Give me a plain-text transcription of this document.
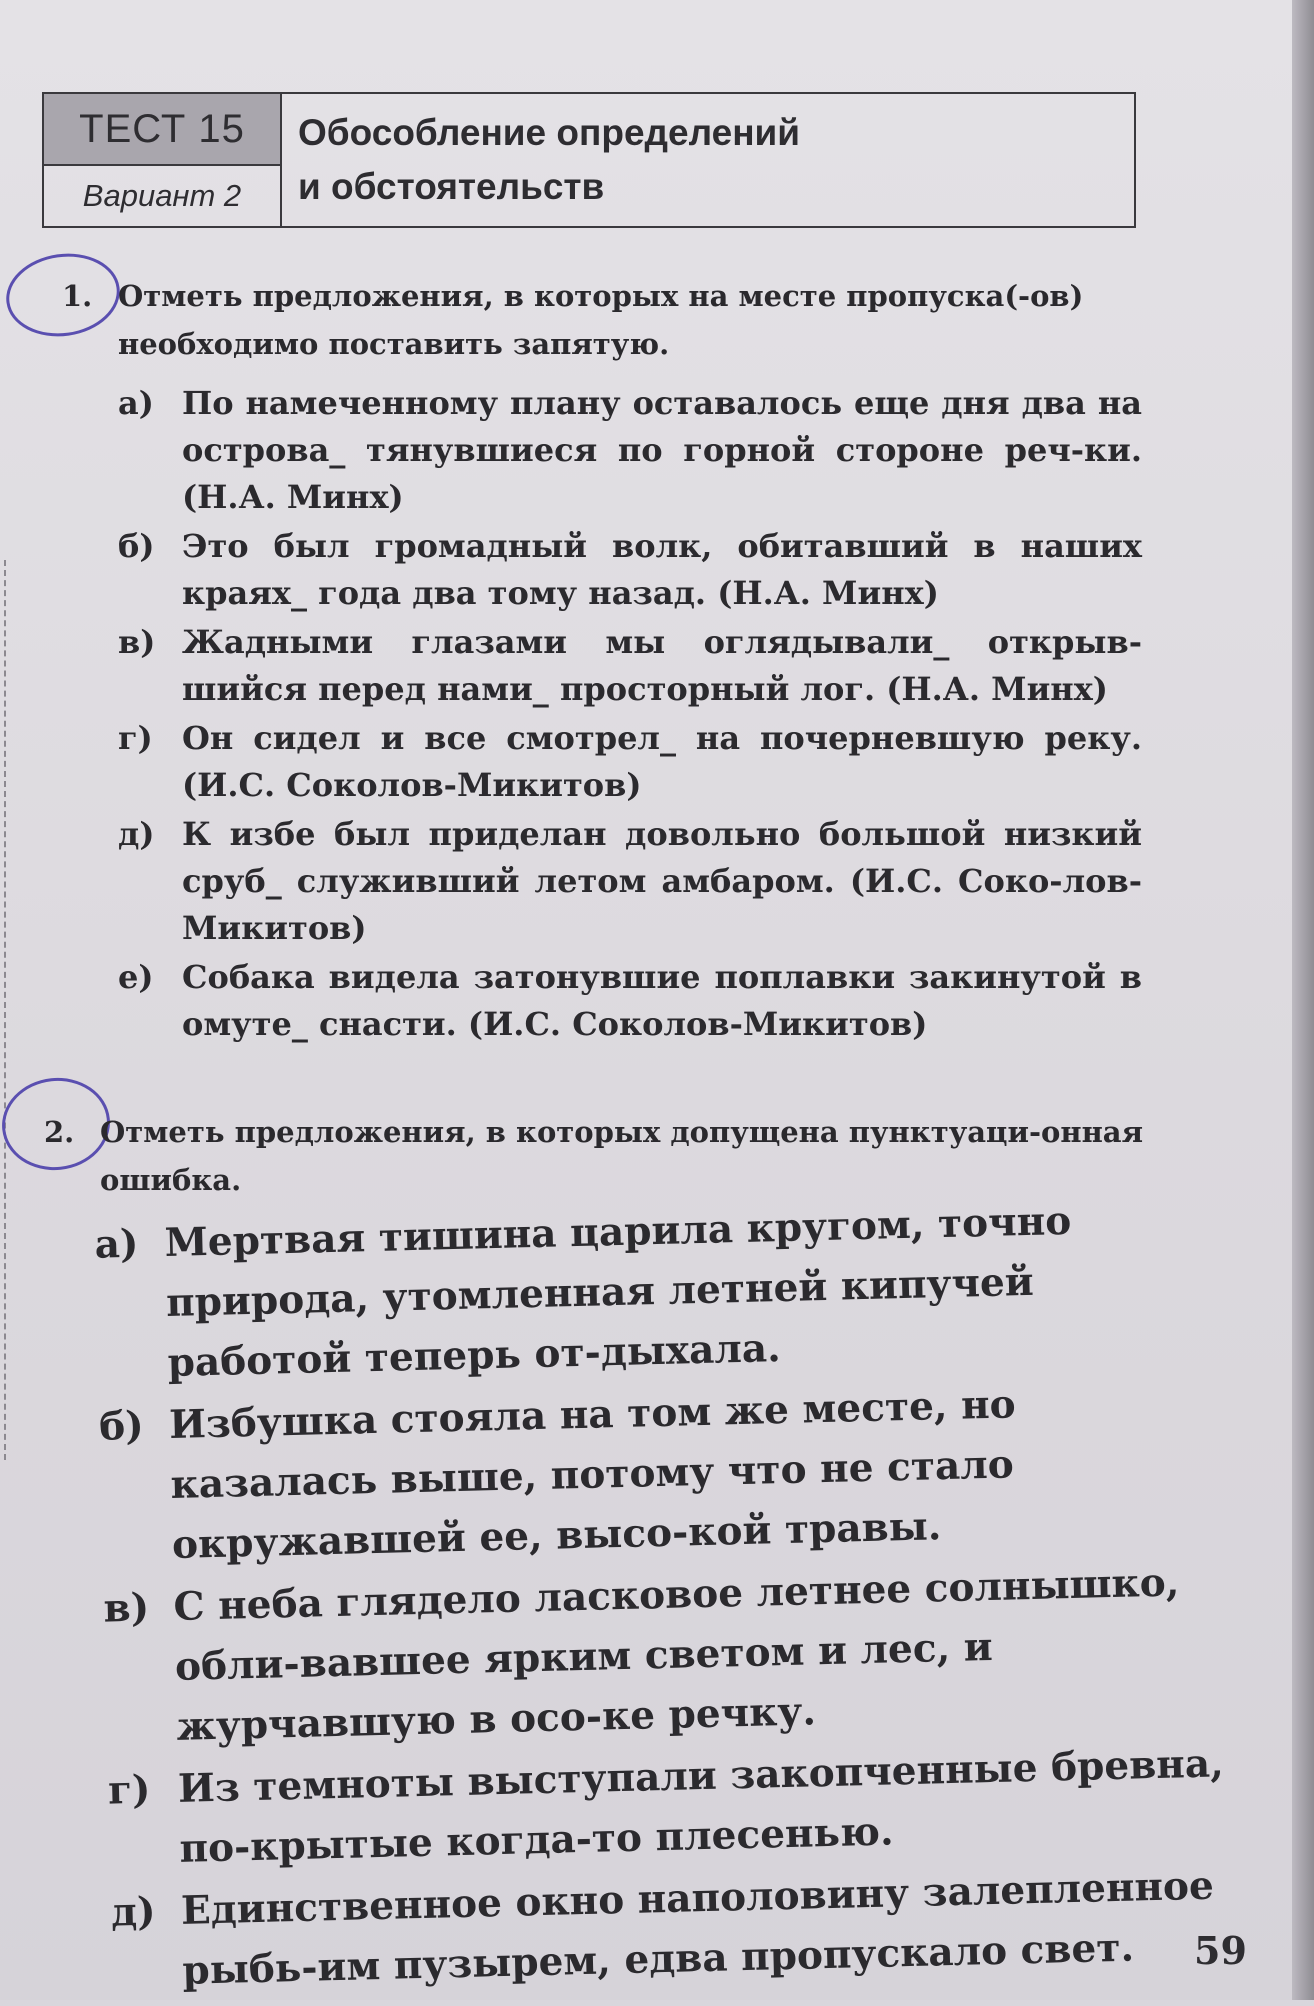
ТЕСТ 15
Вариант 2
Обособление определений
и обстоятельств
1. Отметь предложения, в которых на месте пропуска(-ов) необходимо поставить запятую.
а) По намеченному плану оставалось еще дня два на острова_ тянувшиеся по горной стороне реч-ки. (Н.А. Минх)
б) Это был громадный волк, обитавший в наших краях_ года два тому назад. (Н.А. Минх)
в) Жадными глазами мы оглядывали_ открыв-шийся перед нами_ просторный лог. (Н.А. Минх)
г) Он сидел и все смотрел_ на почерневшую реку. (И.С. Соколов-Микитов)
д) К избе был приделан довольно большой низкий сруб_ служивший летом амбаром. (И.С. Соко-лов-Микитов)
е) Собака видела затонувшие поплавки закинутой в омуте_ снасти. (И.С. Соколов-Микитов)
2. Отметь предложения, в которых допущена пунктуаци-онная ошибка.
а) Мертвая тишина царила кругом, точно природа, утомленная летней кипучей работой теперь от-дыхала.
б) Избушка стояла на том же месте, но казалась выше, потому что не стало окружавшей ее, высо-кой травы.
в) С неба глядело ласковое летнее солнышко, обли-вавшее ярким светом и лес, и журчавшую в осо-ке речку.
г) Из темноты выступали закопченные бревна, по-крытые когда-то плесенью.
д) Единственное окно наполовину залепленное рыбь-им пузырем, едва пропускало свет.	59
